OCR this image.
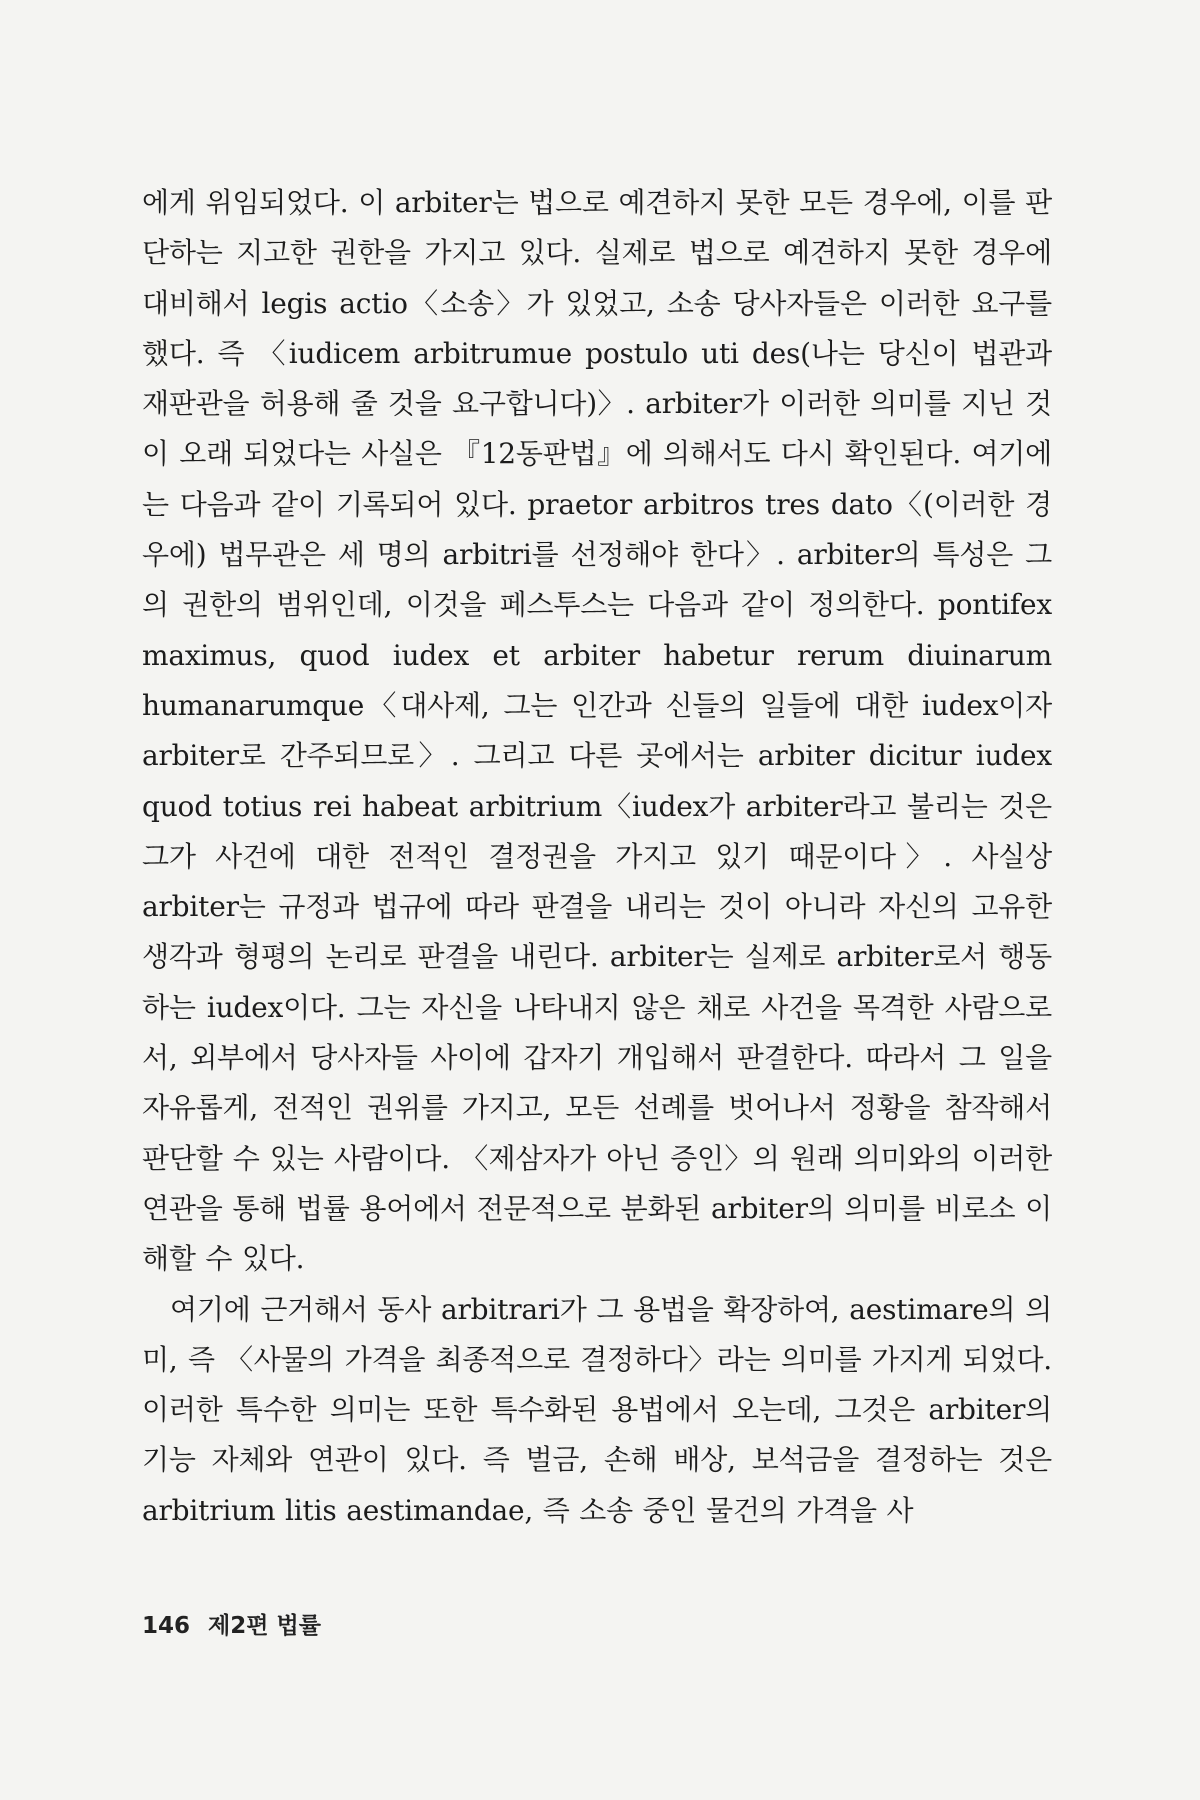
에게 위임되었다. 이 arbiter는 법으로 예견하지 못한 모든 경우에, 이를 판단하는 지고한 권한을 가지고 있다. 실제로 법으로 예견하지 못한 경우에 대비해서 legis actio〈소송〉가 있었고, 소송 당사자들은 이러한 요구를 했다. 즉 〈iudicem arbitrumue postulo uti des(나는 당신이 법관과 재판관을 허용해 줄 것을 요구합니다)〉. arbiter가 이러한 의미를 지닌 것이 오래 되었다는 사실은 『12동판법』에 의해서도 다시 확인된다. 여기에는 다음과 같이 기록되어 있다. praetor arbitros tres dato〈(이러한 경우에) 법무관은 세 명의 arbitri를 선정해야 한다〉. arbiter의 특성은 그의 권한의 범위인데, 이것을 페스투스는 다음과 같이 정의한다. pontifex maximus, quod iudex et arbiter habetur rerum diuinarum humanarumque〈대사제, 그는 인간과 신들의 일들에 대한 iudex이자 arbiter로 간주되므로〉. 그리고 다른 곳에서는 arbiter dicitur iudex quod totius rei habeat arbitrium〈iudex가 arbiter라고 불리는 것은 그가 사건에 대한 전적인 결정권을 가지고 있기 때문이다〉. 사실상 arbiter는 규정과 법규에 따라 판결을 내리는 것이 아니라 자신의 고유한 생각과 형평의 논리로 판결을 내린다. arbiter는 실제로 arbiter로서 행동하는 iudex이다. 그는 자신을 나타내지 않은 채로 사건을 목격한 사람으로서, 외부에서 당사자들 사이에 갑자기 개입해서 판결한다. 따라서 그 일을 자유롭게, 전적인 권위를 가지고, 모든 선례를 벗어나서 정황을 참작해서 판단할 수 있는 사람이다. 〈제삼자가 아닌 증인〉의 원래 의미와의 이러한 연관을 통해 법률 용어에서 전문적으로 분화된 arbiter의 의미를 비로소 이해할 수 있다.

여기에 근거해서 동사 arbitrari가 그 용법을 확장하여, aestimare의 의미, 즉 〈사물의 가격을 최종적으로 결정하다〉라는 의미를 가지게 되었다. 이러한 특수한 의미는 또한 특수화된 용법에서 오는데, 그것은 arbiter의 기능 자체와 연관이 있다. 즉 벌금, 손해 배상, 보석금을 결정하는 것은 arbitrium litis aestimandae, 즉 소송 중인 물건의 가격을 사

146 제2편 법률
